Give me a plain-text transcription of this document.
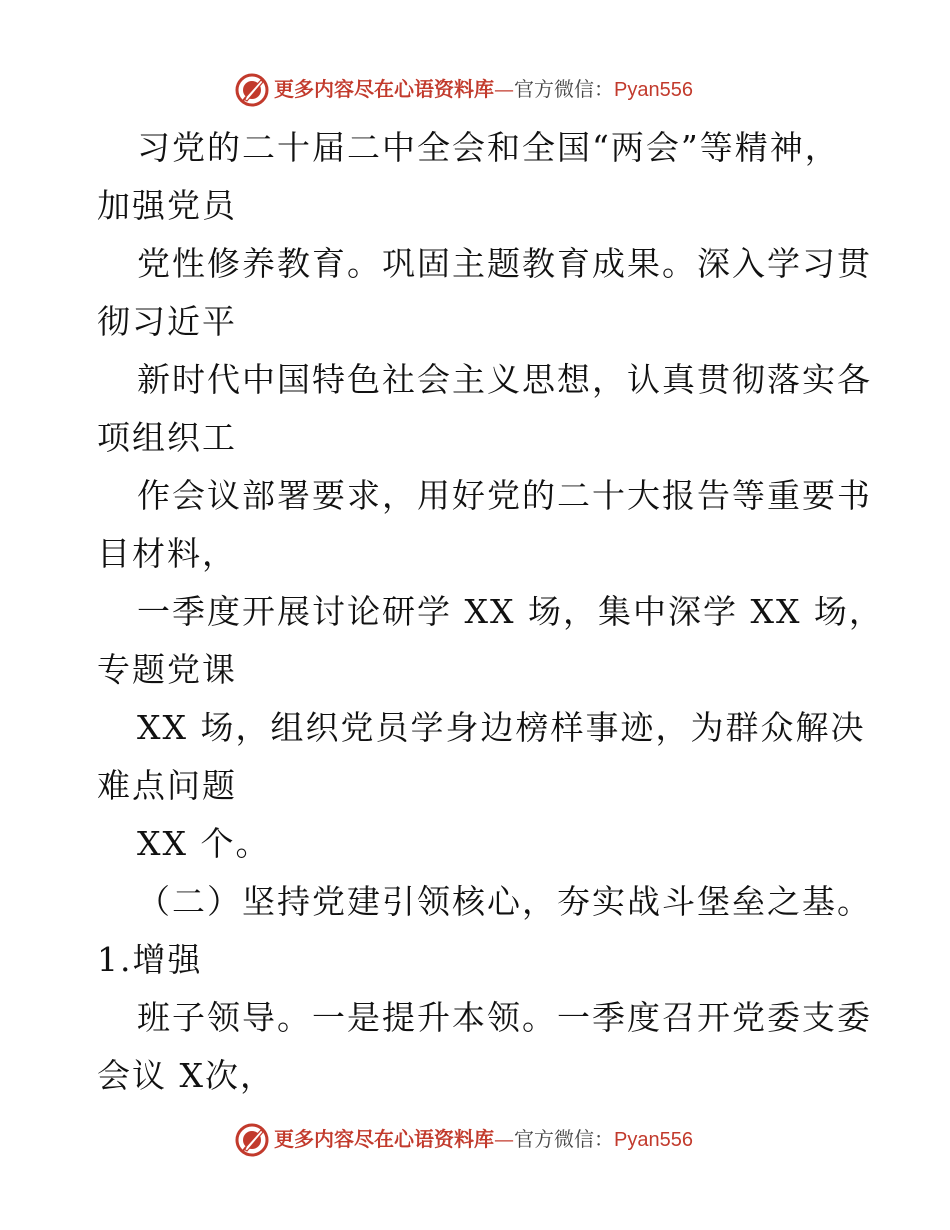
更多内容尽在心语资料库—官方微信：Pyan556
习党的二十届二中全会和全国“两会”等精神，
加强党员
党性修养教育。巩固主题教育成果。深入学习贯
彻习近平
新时代中国特色社会主义思想，认真贯彻落实各
项组织工
作会议部署要求，用好党的二十大报告等重要书
目材料，
一季度开展讨论研学 XX 场，集中深学 XX 场，
专题党课
XX 场，组织党员学身边榜样事迹，为群众解决
难点问题
XX 个。
（二）坚持党建引领核心，夯实战斗堡垒之基。
1.增强
班子领导。一是提升本领。一季度召开党委支委
会议 X次，
更多内容尽在心语资料库—官方微信：Pyan556
